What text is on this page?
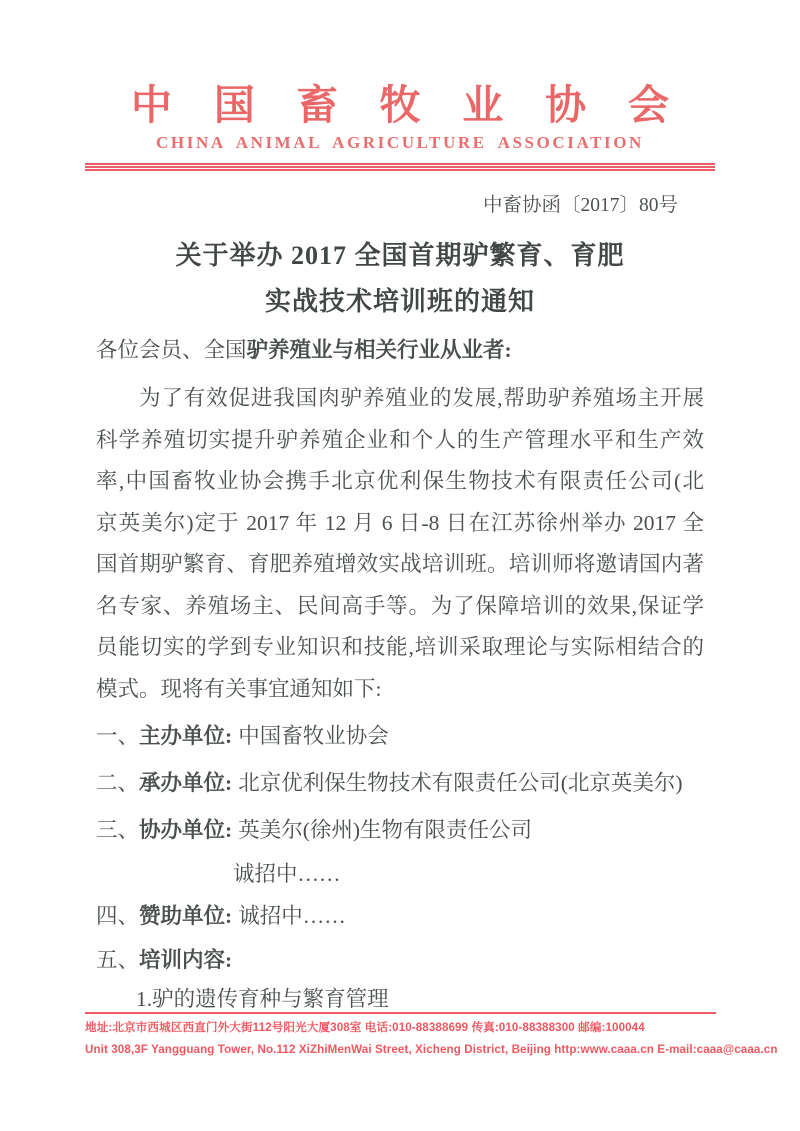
中国畜牧业协会
CHINA ANIMAL AGRICULTURE ASSOCIATION
中畜协函〔2017〕80号
关于举办 2017 全国首期驴繁育、育肥
实战技术培训班的通知
各位会员、全国驴养殖业与相关行业从业者:
为了有效促进我国肉驴养殖业的发展,帮助驴养殖场主开展
科学养殖切实提升驴养殖企业和个人的生产管理水平和生产效
率,中国畜牧业协会携手北京优利保生物技术有限责任公司(北
京英美尔)定于 2017 年 12 月 6 日-8 日在江苏徐州举办 2017 全
国首期驴繁育、育肥养殖增效实战培训班。培训师将邀请国内著
名专家、养殖场主、民间高手等。为了保障培训的效果,保证学
员能切实的学到专业知识和技能,培训采取理论与实际相结合的
模式。现将有关事宜通知如下:
一、主办单位: 中国畜牧业协会
二、承办单位: 北京优利保生物技术有限责任公司(北京英美尔)
三、协办单位: 英美尔(徐州)生物有限责任公司
诚招中……
四、赞助单位: 诚招中……
五、培训内容:
1.驴的遗传育种与繁育管理
地址:北京市西城区西直门外大街112号阳光大厦308室 电话:010-88388699 传真:010-88388300 邮编:100044
Unit 308,3F Yangguang Tower, No.112 XiZhiMenWai Street, Xicheng District, Beijing http:www.caaa.cn E-mail:caaa@caaa.cn
